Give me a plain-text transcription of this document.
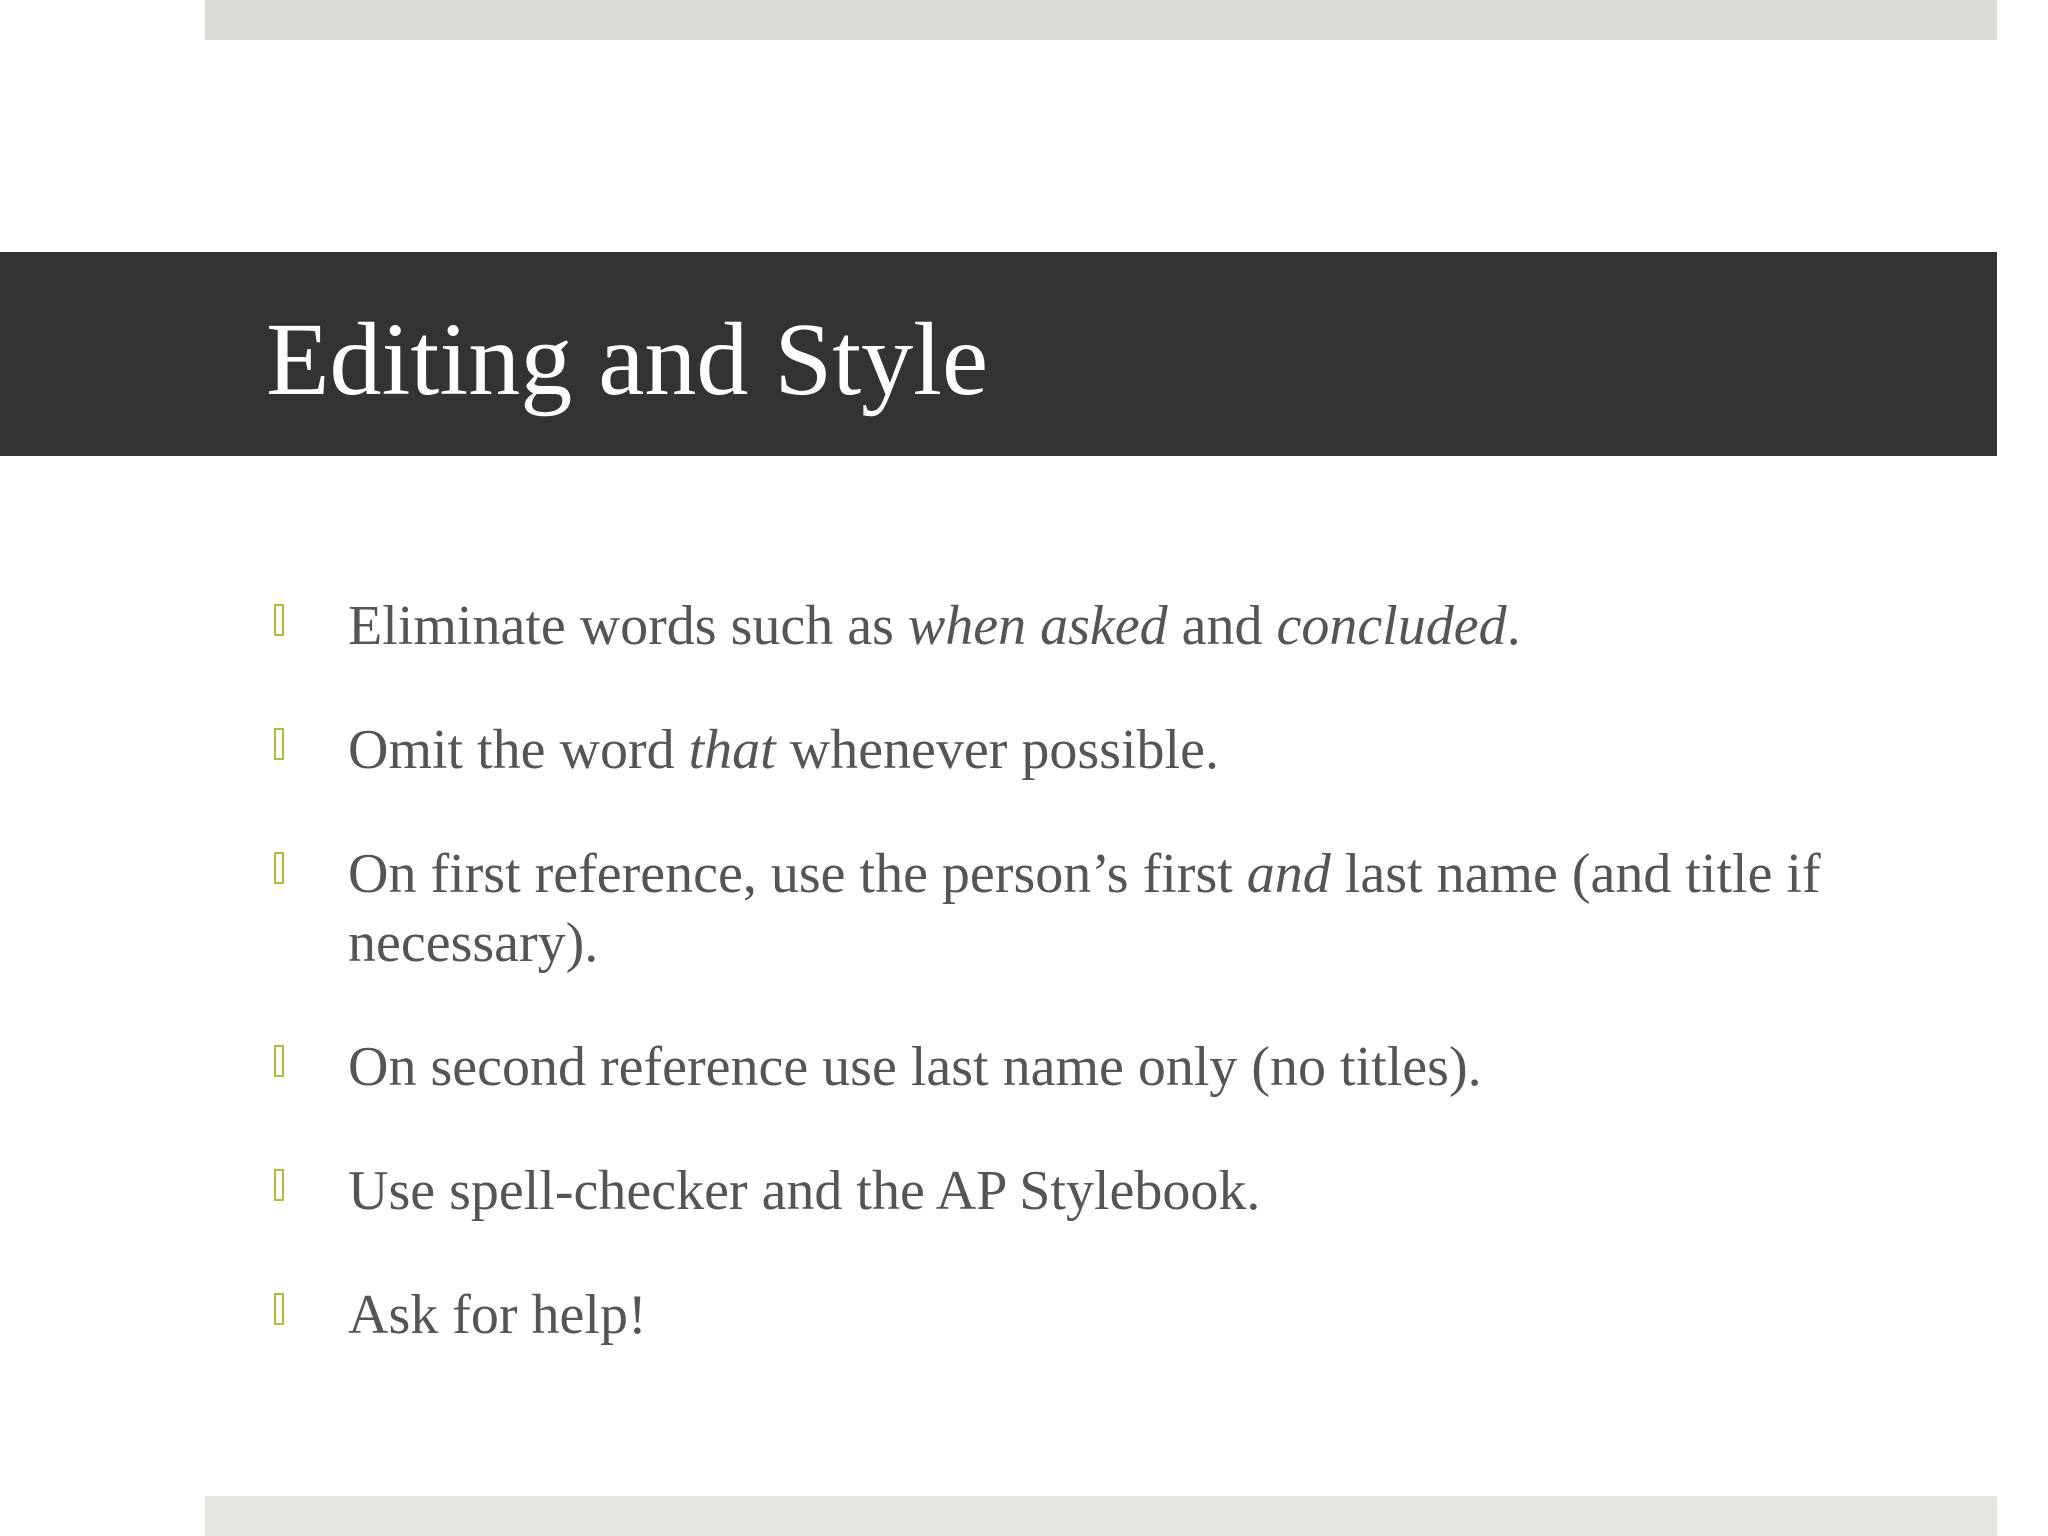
Editing and Style
Eliminate words such as when asked and concluded.
Omit the word that whenever possible.
On first reference, use the person’s first and last name (and title if necessary).
On second reference use last name only (no titles).
Use spell-checker and the AP Stylebook.
Ask for help!
